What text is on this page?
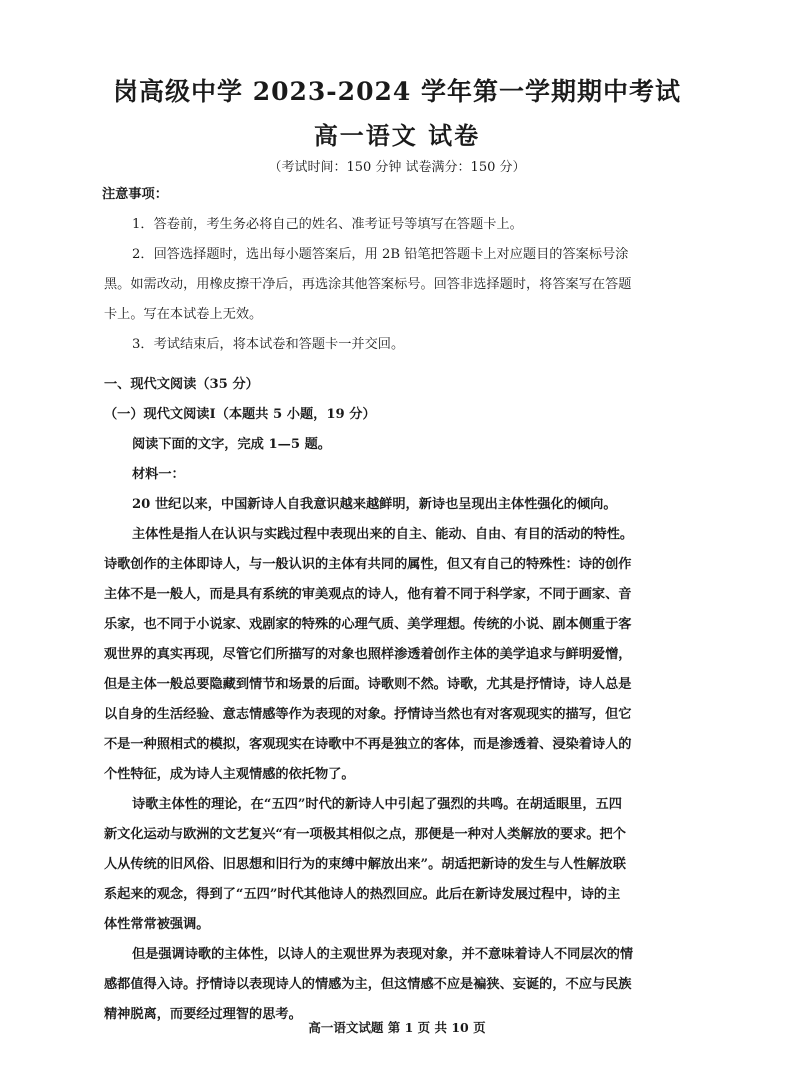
岗高级中学 2023-2024 学年第一学期期中考试
高一语文 试卷
（考试时间：150 分钟 试卷满分：150 分）
注意事项：
1．答卷前，考生务必将自己的姓名、准考证号等填写在答题卡上。
2．回答选择题时，选出每小题答案后，用 2B 铅笔把答题卡上对应题目的答案标号涂
黑。如需改动，用橡皮擦干净后，再选涂其他答案标号。回答非选择题时，将答案写在答题
卡上。写在本试卷上无效。
3．考试结束后，将本试卷和答题卡一并交回。
一、现代文阅读（35 分）
（一）现代文阅读Ⅰ（本题共 5 小题，19 分）
阅读下面的文字，完成 1—5 题。
材料一：
20 世纪以来，中国新诗人自我意识越来越鲜明，新诗也呈现出主体性强化的倾向。
主体性是指人在认识与实践过程中表现出来的自主、能动、自由、有目的活动的特性。
诗歌创作的主体即诗人，与一般认识的主体有共同的属性，但又有自己的特殊性：诗的创作
主体不是一般人，而是具有系统的审美观点的诗人，他有着不同于科学家，不同于画家、音
乐家，也不同于小说家、戏剧家的特殊的心理气质、美学理想。传统的小说、剧本侧重于客
观世界的真实再现，尽管它们所描写的对象也照样渗透着创作主体的美学追求与鲜明爱憎，
但是主体一般总要隐藏到情节和场景的后面。诗歌则不然。诗歌，尤其是抒情诗，诗人总是
以自身的生活经验、意志情感等作为表现的对象。抒情诗当然也有对客观现实的描写，但它
不是一种照相式的模拟，客观现实在诗歌中不再是独立的客体，而是渗透着、浸染着诗人的
个性特征，成为诗人主观情感的依托物了。
诗歌主体性的理论，在“五四”时代的新诗人中引起了强烈的共鸣。在胡适眼里，五四
新文化运动与欧洲的文艺复兴“有一项极其相似之点，那便是一种对人类解放的要求。把个
人从传统的旧风俗、旧思想和旧行为的束缚中解放出来”。胡适把新诗的发生与人性解放联
系起来的观念，得到了“五四”时代其他诗人的热烈回应。此后在新诗发展过程中，诗的主
体性常常被强调。
但是强调诗歌的主体性，以诗人的主观世界为表现对象，并不意味着诗人不同层次的情
感都值得入诗。抒情诗以表现诗人的情感为主，但这情感不应是褊狭、妄诞的，不应与民族
精神脱离，而要经过理智的思考。
高一语文试题 第 1 页 共 10 页
